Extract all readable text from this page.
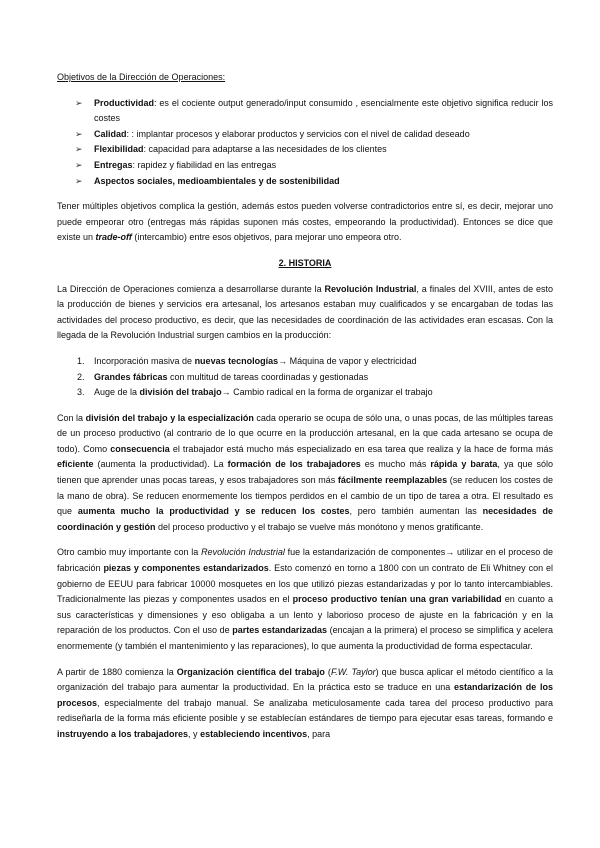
Objetivos de la Dirección de Operaciones:
➢ Productividad: es el cociente output generado/input consumido , esencialmente este objetivo significa reducir los costes
➢ Calidad: : implantar procesos y elaborar productos y servicios con el nivel de calidad deseado
➢ Flexibilidad: capacidad para adaptarse a las necesidades de los clientes
➢ Entregas: rapidez y fiabilidad en las entregas
➢ Aspectos sociales, medioambientales y de sostenibilidad

Tener múltiples objetivos complica la gestión, además estos pueden volverse contradictorios entre sí, es decir, mejorar uno puede empeorar otro (entregas más rápidas suponen más costes, empeorando la productividad). Entonces se dice que existe un trade-off (intercambio) entre esos objetivos, para mejorar uno empeora otro.

2. HISTORIA

La Dirección de Operaciones comienza a desarrollarse durante la Revolución Industrial, a finales del XVIII, antes de esto la producción de bienes y servicios era artesanal, los artesanos estaban muy cualificados y se encargaban de todas las actividades del proceso productivo, es decir, que las necesidades de coordinación de las actividades eran escasas. Con la llegada de la Revolución Industrial surgen cambios en la producción:

1. Incorporación masiva de nuevas tecnologías→ Máquina de vapor y electricidad
2. Grandes fábricas con multitud de tareas coordinadas y gestionadas
3. Auge de la división del trabajo→ Cambio radical en la forma de organizar el trabajo

Con la división del trabajo y la especialización cada operario se ocupa de sólo una, o unas pocas, de las múltiples tareas de un proceso productivo (al contrario de lo que ocurre en la producción artesanal, en la que cada artesano se ocupa de todo). Como consecuencia el trabajador está mucho más especializado en esa tarea que realiza y la hace de forma más eficiente (aumenta la productividad). La formación de los trabajadores es mucho más rápida y barata, ya que sólo tienen que aprender unas pocas tareas, y esos trabajadores son más fácilmente reemplazables (se reducen los costes de la mano de obra). Se reducen enormemente los tiempos perdidos en el cambio de un tipo de tarea a otra. El resultado es que aumenta mucho la productividad y se reducen los costes, pero también aumentan las necesidades de coordinación y gestión del proceso productivo y el trabajo se vuelve más monótono y menos gratificante.

Otro cambio muy importante con la Revolución Industrial fue la estandarización de componentes→ utilizar en el proceso de fabricación piezas y componentes estandarizados. Esto comenzó en torno a 1800 con un contrato de Eli Whitney con el gobierno de EEUU para fabricar 10000 mosquetes en los que utilizó piezas estandarizadas y por lo tanto intercambiables. Tradicionalmente las piezas y componentes usados en el proceso productivo tenían una gran variabilidad en cuanto a sus características y dimensiones y eso obligaba a un lento y laborioso proceso de ajuste en la fabricación y en la reparación de los productos. Con el uso de partes estandarizadas (encajan a la primera) el proceso se simplifica y acelera enormemente (y también el mantenimiento y las reparaciones), lo que aumenta la productividad de forma espectacular.

A partir de 1880 comienza la Organización científica del trabajo (F.W. Taylor) que busca aplicar el método científico a la organización del trabajo para aumentar la productividad. En la práctica esto se traduce en una estandarización de los procesos, especialmente del trabajo manual. Se analizaba meticulosamente cada tarea del proceso productivo para rediseñarla de la forma más eficiente posible y se establecían estándares de tiempo para ejecutar esas tareas, formando e instruyendo a los trabajadores, y estableciendo incentivos, para
